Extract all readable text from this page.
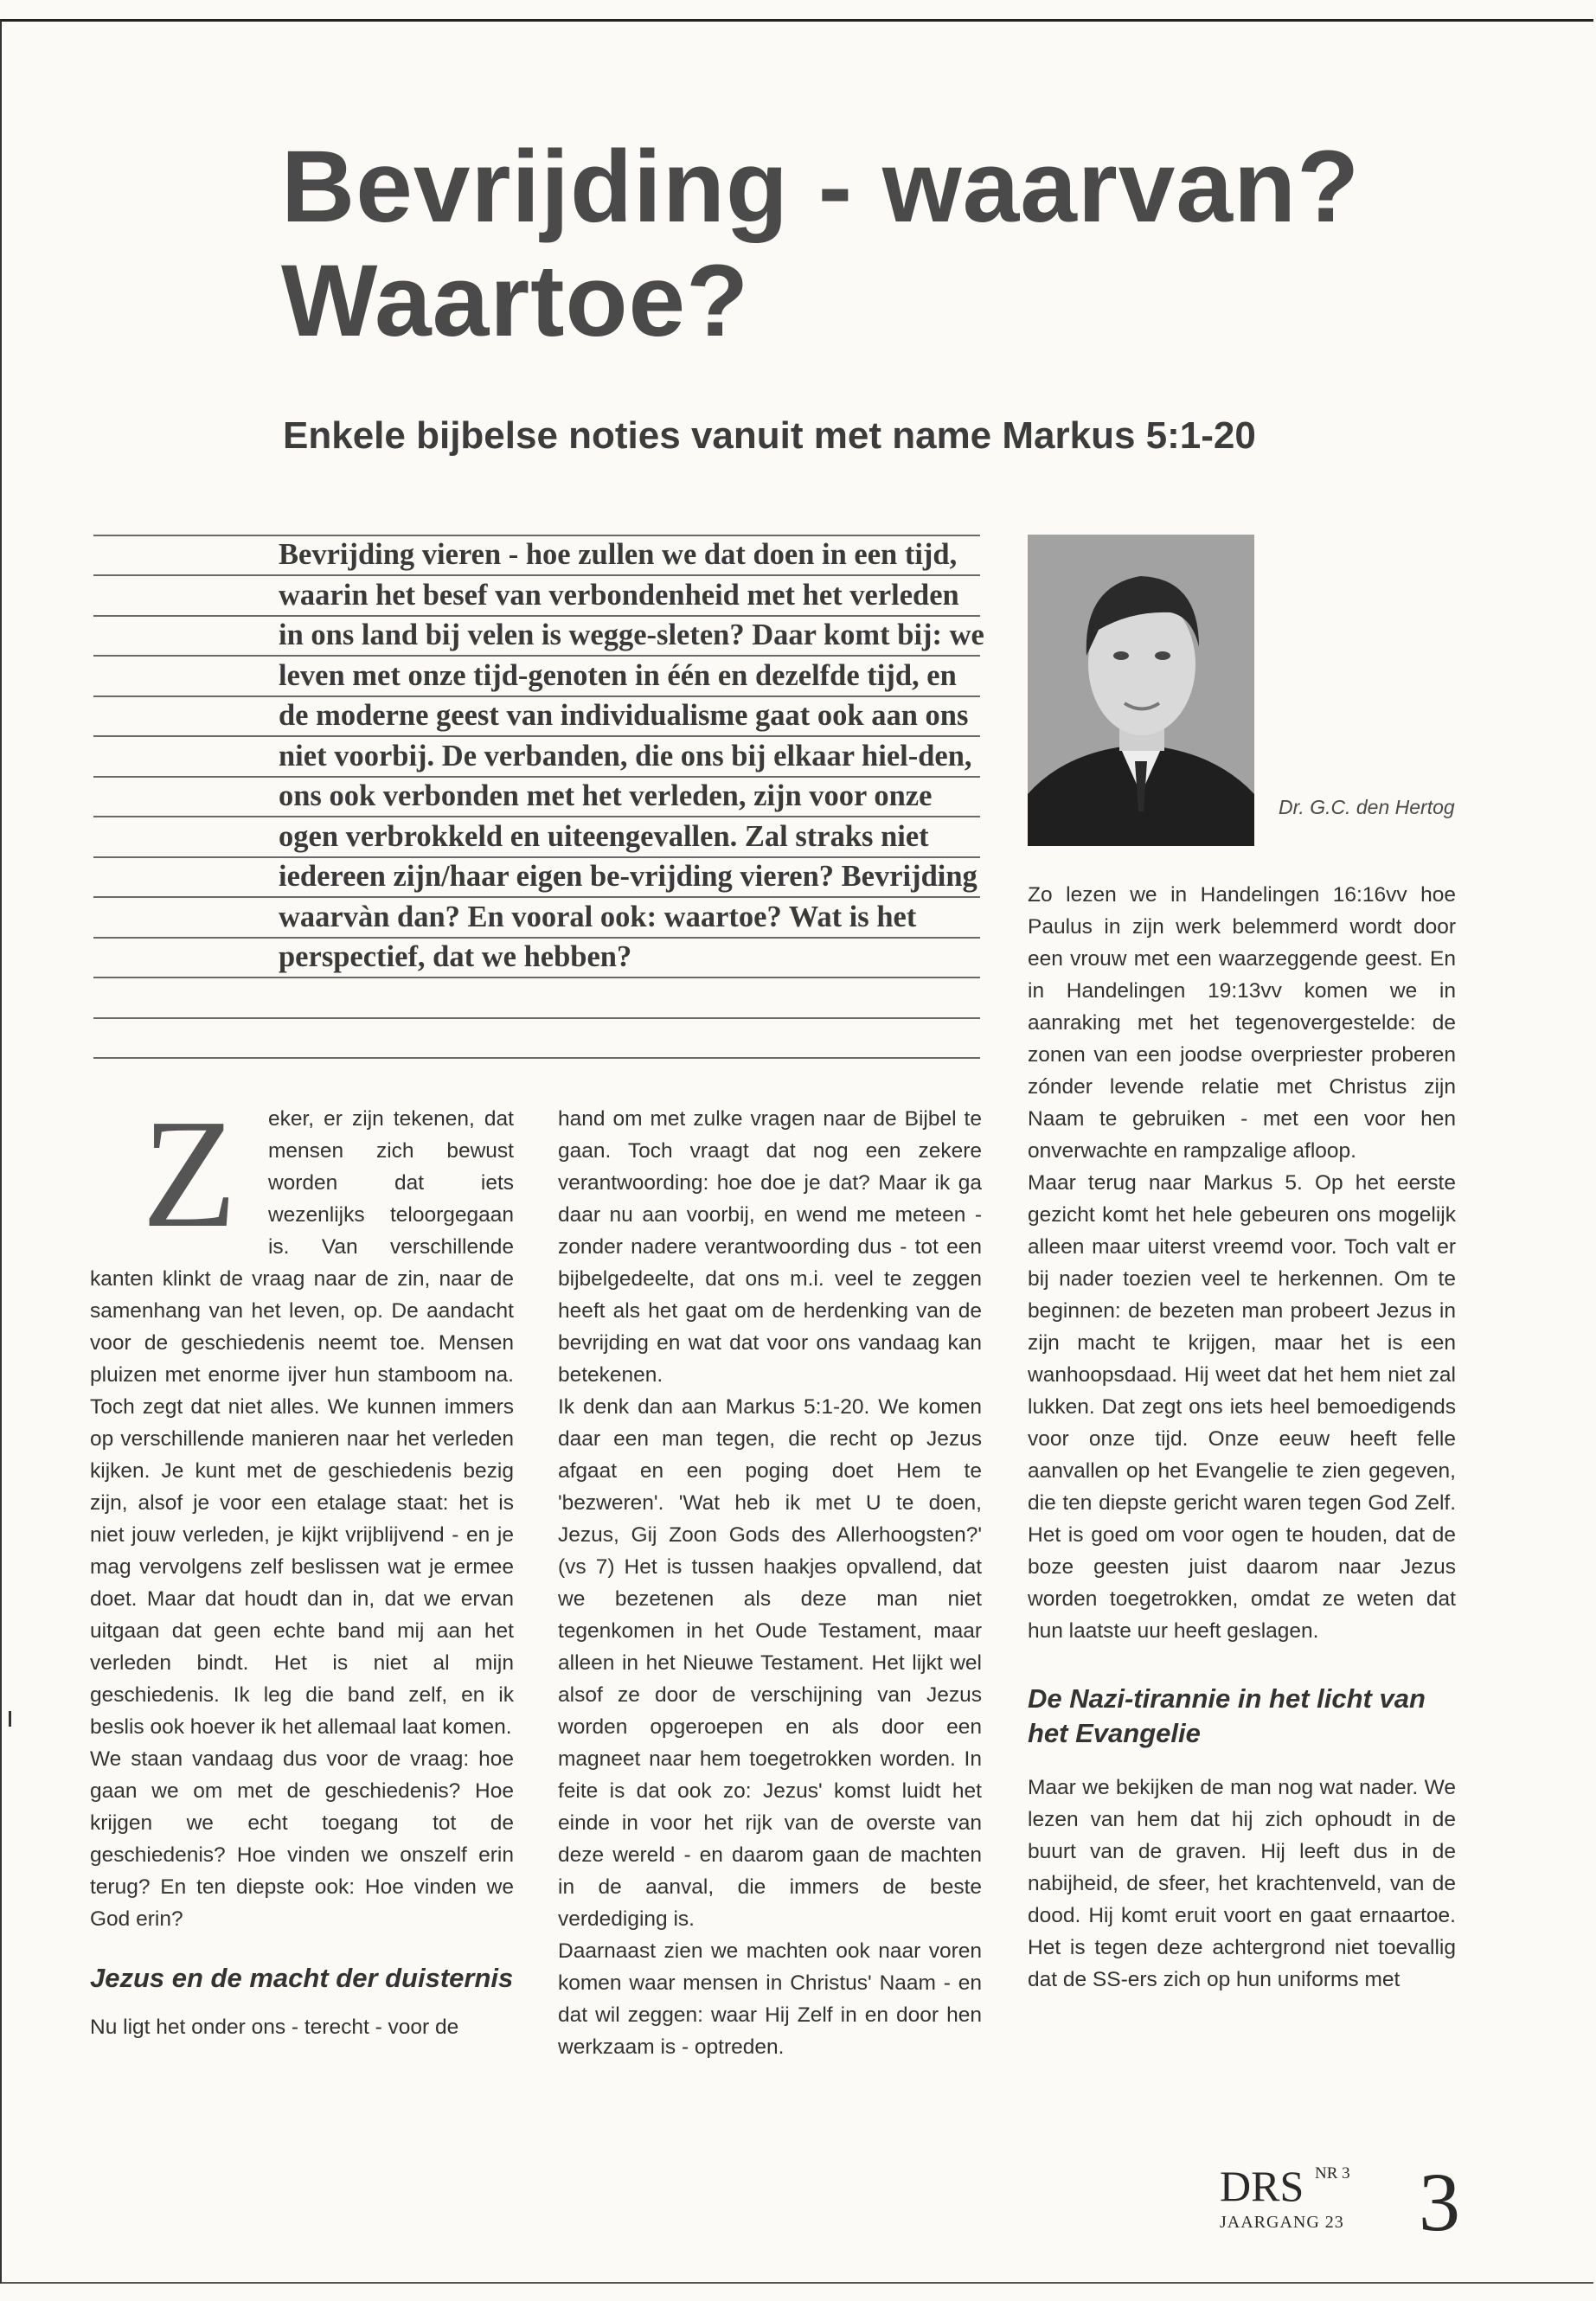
Bevrijding - waarvan?
Waartoe?
Enkele bijbelse noties vanuit met name Markus 5:1-20

Bevrijding vieren - hoe zullen we dat doen in een tijd, waarin het besef van verbondenheid met het verleden in ons land bij velen is wegge-sleten? Daar komt bij: we leven met onze tijd-genoten in één en dezelfde tijd, en de moderne geest van individualisme gaat ook aan ons niet voorbij. De verbanden, die ons bij elkaar hiel-den, ons ook verbonden met het verleden, zijn voor onze ogen verbrokkeld en uiteengevallen. Zal straks niet iedereen zijn/haar eigen be-vrijding vieren? Bevrijding waarvàn dan? En vooral ook: waartoe? Wat is het perspectief, dat we hebben?

Dr. G.C. den Hertog

Z	eker, er zijn tekenen, dat mensen zich bewust worden dat iets wezenlijks teloorgegaan is. Van verschillende kanten klinkt de vraag naar de zin, naar de samenhang van het leven, op. De aandacht voor de geschiedenis neemt toe. Mensen pluizen met enorme ijver hun stamboom na. Toch zegt dat niet alles. We kunnen immers op verschillende manieren naar het verleden kijken. Je kunt met de geschiedenis bezig zijn, alsof je voor een etalage staat: het is niet jouw verleden, je kijkt vrijblijvend - en je mag vervolgens zelf beslissen wat je ermee doet. Maar dat houdt dan in, dat we ervan uitgaan dat geen echte band mij aan het verleden bindt. Het is niet al mijn geschiedenis. Ik leg die band zelf, en ik beslis ook hoever ik het allemaal laat komen.

We staan vandaag dus voor de vraag: hoe gaan we om met de geschiedenis? Hoe krijgen we echt toegang tot de geschiedenis? Hoe vinden we onszelf erin terug? En ten diepste ook: Hoe vinden we God erin?

Jezus en de macht der duisternis

Nu ligt het onder ons - terecht - voor de

hand om met zulke vragen naar de Bijbel te gaan. Toch vraagt dat nog een zekere verantwoording: hoe doe je dat? Maar ik ga daar nu aan voorbij, en wend me meteen - zonder nadere verantwoording dus - tot een bijbelgedeelte, dat ons m.i. veel te zeggen heeft als het gaat om de herdenking van de bevrijding en wat dat voor ons vandaag kan betekenen.

Ik denk dan aan Markus 5:1-20. We komen daar een man tegen, die recht op Jezus afgaat en een poging doet Hem te 'bezweren'. 'Wat heb ik met U te doen, Jezus, Gij Zoon Gods des Allerhoogsten?' (vs 7) Het is tussen haakjes opvallend, dat we bezetenen als deze man niet tegenkomen in het Oude Testament, maar alleen in het Nieuwe Testament. Het lijkt wel alsof ze door de verschijning van Jezus worden opgeroepen en als door een magneet naar hem toegetrokken worden. In feite is dat ook zo: Jezus' komst luidt het einde in voor het rijk van de overste van deze wereld - en daarom gaan de machten in de aanval, die immers de beste verdediging is.

Daarnaast zien we machten ook naar voren komen waar mensen in Christus' Naam - en dat wil zeggen: waar Hij Zelf in en door hen werkzaam is - optreden.

Zo lezen we in Handelingen 16:16vv hoe Paulus in zijn werk belemmerd wordt door een vrouw met een waarzeggende geest. En in Handelingen 19:13vv komen we in aanraking met het tegenovergestelde: de zonen van een joodse overpriester proberen zónder levende relatie met Christus zijn Naam te gebruiken - met een voor hen onverwachte en rampzalige afloop.

Maar terug naar Markus 5. Op het eerste gezicht komt het hele gebeuren ons mogelijk alleen maar uiterst vreemd voor. Toch valt er bij nader toezien veel te herkennen. Om te beginnen: de bezeten man probeert Jezus in zijn macht te krijgen, maar het is een wanhoopsdaad. Hij weet dat het hem niet zal lukken. Dat zegt ons iets heel bemoedigends voor onze tijd. Onze eeuw heeft felle aanvallen op het Evangelie te zien gegeven, die ten diepste gericht waren tegen God Zelf. Het is goed om voor ogen te houden, dat de boze geesten juist daarom naar Jezus worden toegetrokken, omdat ze weten dat hun laatste uur heeft geslagen.

De Nazi-tirannie in het licht van het Evangelie

Maar we bekijken de man nog wat nader. We lezen van hem dat hij zich ophoudt in de buurt van de graven. Hij leeft dus in de nabijheid, de sfeer, het krachtenveld, van de dood. Hij komt eruit voort en gaat ernaartoe. Het is tegen deze achtergrond niet toevallig dat de SS-ers zich op hun uniforms met

DRS NR 3
JAARGANG 23 3
